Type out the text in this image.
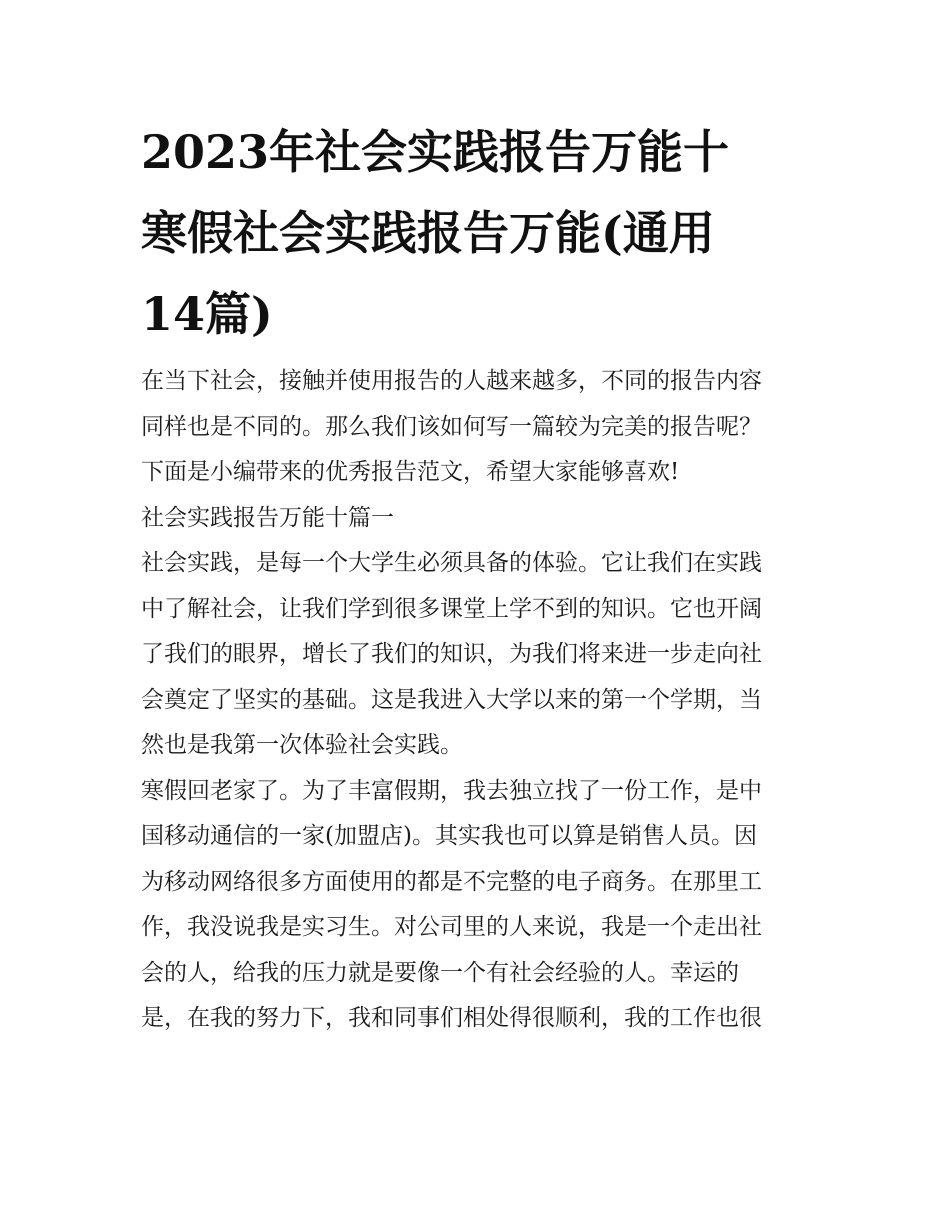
2023年社会实践报告万能十
寒假社会实践报告万能(通用
14篇)
在当下社会，接触并使用报告的人越来越多，不同的报告内容
同样也是不同的。那么我们该如何写一篇较为完美的报告呢？
下面是小编带来的优秀报告范文，希望大家能够喜欢!
社会实践报告万能十篇一
社会实践，是每一个大学生必须具备的体验。它让我们在实践
中了解社会，让我们学到很多课堂上学不到的知识。它也开阔
了我们的眼界，增长了我们的知识，为我们将来进一步走向社
会奠定了坚实的基础。这是我进入大学以来的第一个学期，当
然也是我第一次体验社会实践。
寒假回老家了。为了丰富假期，我去独立找了一份工作，是中
国移动通信的一家(加盟店)。其实我也可以算是销售人员。因
为移动网络很多方面使用的都是不完整的电子商务。在那里工
作，我没说我是实习生。对公司里的人来说，我是一个走出社
会的人，给我的压力就是要像一个有社会经验的人。幸运的
是，在我的努力下，我和同事们相处得很顺利，我的工作也很
